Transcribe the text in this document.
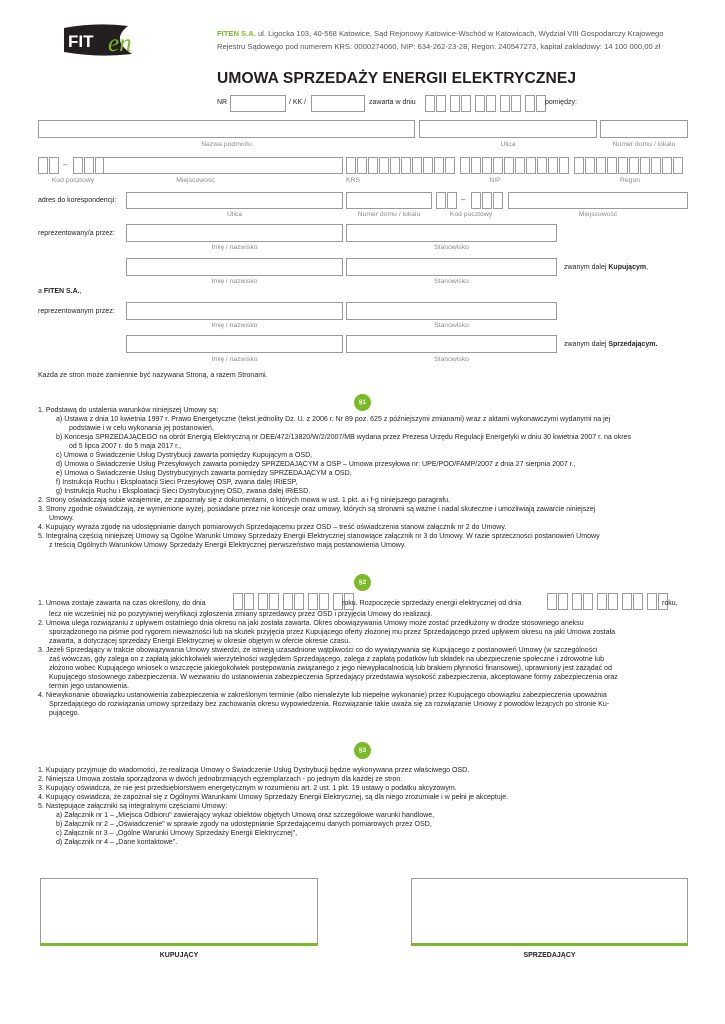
FIT en	FITEN S.A. ul. Ligocka 103, 40-568 Katowice, Sąd Rejonowy Katowice-Wschód w Katowicach, Wydział VIII Gospodarczy Krajowego
Rejestru Sądowego pod numerem KRS: 0000274060, NIP: 634-262-23-28, Regon: 240547273, kapitał zakładowy: 14 100 000,00 zł
UMOWA SPRZEDAŻY ENERGII ELEKTRYCZNEJ
NR	/ KK /	zawarta w dniu	pomiędzy:
Nazwa podmiotu	Ulica	Numer domu / lokalu
–
Kod pocztowy	Miejscowość	KRS	NIP	Regon
adres do korespondencji:	–
Ulica	Numer domu / lokalu	Kod pocztowy	Miejscowość
reprezentowany/a przez:
Imię i nazwisko	Stanowisko
zwanym dalej Kupującym,
Imię i nazwisko	Stanowisko
a FITEN S.A.,
reprezentowanym przez:
Imię i nazwisko	Stanowisko
zwanym dalej Sprzedającym.
Imię i nazwisko	Stanowisko
Każda ze stron może zamiennie być nazywana Stroną, a razem Stronami.
§1
1. Podstawą do ustalenia warunków niniejszej Umowy są:
a) Ustawa z dnia 10 kwietnia 1997 r. Prawo Energetyczne (tekst jednolity Dz. U. z 2006 r. Nr 89 poz. 625 z późniejszymi zmianami) wraz z aktami wykonawczymi wydanymi na jej
podstawie i w celu wykonania jej postanowień,
b) Koncesja SPRZEDAJĄCEGO na obrót Energią Elektryczną nr OEE/472/13820/W/2/2007/MB wydana przez Prezesa Urzędu Regulacji Energetyki w dniu 30 kwietnia 2007 r. na okres
od 5 lipca 2007 r. do 5 maja 2017 r.,
c) Umowa o Świadczenie Usług Dystrybucji zawarta pomiędzy Kupującym a OSD,
d) Umowa o Świadczenie Usług Przesyłowych zawarta pomiędzy SPRZEDAJĄCYM a OSP – Umowa przesyłowa nr: UPE/POO/FAMP/2007 z dnia 27 sierpnia 2007 r.,
e) Umowa o Świadczenie Usług Dystrybucyjnych zawarta pomiędzy SPRZEDAJĄCYM a OSD,
f) Instrukcja Ruchu i Eksploatacji Sieci Przesyłowej OSP, zwana dalej IRiESP,
g) Instrukcja Ruchu i Eksploatacji Sieci Dystrybucyjnej OSD, zwana dalej IRiESD.
2. Strony oświadczają sobie wzajemnie, że zapoznały się z dokumentami, o których mowa w ust. 1 pkt. a i f-g niniejszego paragrafu.
3. Strony zgodnie oświadczają, że wymienione wyżej, posiadane przez nie koncesje oraz umowy, których są stronami są ważne i nadal skuteczne i umożliwiają zawarcie niniejszej
Umowy.
4. Kupujący wyraża zgodę na udostępnianie danych pomiarowych Sprzedającemu przez OSD – treść oświadczenia stanowi załącznik nr 2 do Umowy.
5. Integralną częścią niniejszej Umowy są Ogólne Warunki Umowy Sprzedaży Energii Elektrycznej stanowiące załącznik nr 3 do Umowy. W razie sprzeczności postanowień Umowy
z treścią Ogólnych Warunków Umowy Sprzedaży Energii Elektrycznej pierwszeństwo mają postanowienia Umowy.
§2
1. Umowa zostaje zawarta na czas określony, do dnia	roku. Rozpoczęcie sprzedaży energii elektrycznej od dnia	roku,
lecz nie wcześniej niż po pozytywnej weryfikacji zgłoszenia zmiany sprzedawcy przez OSD i przyjęcia Umowy do realizacji.
2. Umowa ulega rozwiązaniu z upływem ostatniego dnia okresu na jaki została zawarta. Okres obowiązywania Umowy może zostać przedłużony w drodze stosownego aneksu
sporządzonego na piśmie pod rygorem nieważności lub na skutek przyjęcia przez Kupującego oferty złożonej mu przez Sprzedającego przed upływem okresu na jaki Umowa została
zawarta, a dotyczącej sprzedaży Energii Elektrycznej w okresie objętym w ofercie okresie czasu.
3. Jeżeli Sprzedający w trakcie obowiązywania Umowy stwierdzi, że istnieją uzasadnione wątpliwości co do wywiązywania się Kupującego z postanowień Umowy (w szczególności
zaś wówczas, gdy zalega on z zapłatą jakichkolwiek wierzytelności względem Sprzedającego, zalega z zapłatą podatków lub składek na ubezpieczenie społeczne i zdrowotne lub
złożono wobec Kupującego wniosek o wszczęcie jakiegokolwiek postępowania związanego z jego niewypłacalnością lub brakiem płynności finansowej), uprawniony jest zażądać od
Kupującego stosownego zabezpieczenia. W wezwaniu do ustanowienia zabezpieczenia Sprzedający przedstawia wysokość zabezpieczenia, akceptowane formy zabezpieczenia oraz
termin jego ustanowienia.
4. Niewykonanie obowiązku ustanowienia zabezpieczenia w zakreślonym terminie (albo nienależyte lub niepełne wykonanie) przez Kupującego obowiązku zabezpieczenia upoważnia
Sprzedającego do rozwiązania umowy sprzedaży bez zachowania okresu wypowiedzenia. Rozwiązanie takie uważa się za rozwiązanie Umowy z powodów leżących po stronie Ku-
pującego.
§3
1. Kupujący przyjmuje do wiadomości, że realizacja Umowy o Świadczenie Usług Dystrybucji będzie wykonywana przez właściwego OSD.
2. Niniejsza Umowa została sporządzona w dwóch jednobrzmiących egzemplarzach - po jednym dla każdej ze stron.
3. Kupujący oświadcza, że nie jest przedsiębiorstwem energetycznym w rozumieniu art. 2 ust. 1 pkt. 19 ustawy o podatku akcyzowym.
4. Kupujący oświadcza, że zapoznał się z Ogólnymi Warunkami Umowy Sprzedaży Energii Elektrycznej, są dla niego zrozumiałe i w pełni je akceptuje.
5. Następujące załączniki są integralnymi częściami Umowy:
a) Załącznik nr 1 – „Miejsca Odbioru" zawierający wykaz obiektów objętych Umową oraz szczegółowe warunki handlowe,
b) Załącznik nr 2 – „Oświadczenie" w sprawie zgody na udostępnianie Sprzedającemu danych pomiarowych przez OSD,
c) Załącznik nr 3 – „Ogólne Warunki Umowy Sprzedaży Energii Elektrycznej",
d) Załącznik nr 4 – „Dane kontaktowe".
KUPUJĄCY	SPRZEDAJĄCY
